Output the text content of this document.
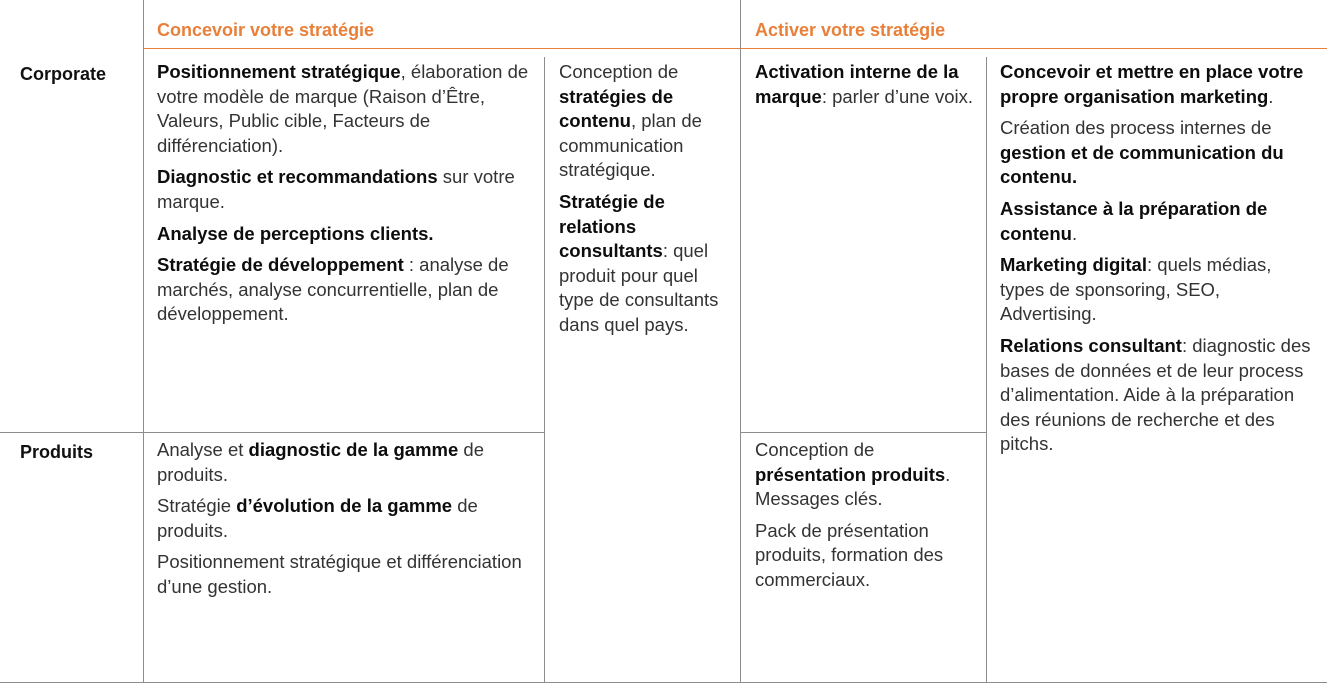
Concevoir votre stratégie	Activer votre stratégie
Corporate
Produits

Positionnement stratégique, élaboration de votre modèle de marque (Raison d’Être, Valeurs, Public cible, Facteurs de différenciation).

Diagnostic et recommandations sur votre marque.

Analyse de perceptions clients.

Stratégie de développement : analyse de marchés, analyse concurrentielle, plan de développement.

Conception de stratégies de contenu, plan de communication stratégique.

Stratégie de relations consultants: quel produit pour quel type de consultants dans quel pays.

Activation interne de la marque: parler d’une voix.

Concevoir et mettre en place votre propre organisation marketing.

Création des process internes de gestion et de communication du contenu.

Assistance à la préparation de contenu.

Marketing digital: quels médias, types de sponsoring, SEO, Advertising.

Relations consultant: diagnostic des bases de données et de leur process d’alimentation. Aide à la préparation des réunions de recherche et des pitchs.

Analyse et diagnostic de la gamme de produits.

Stratégie d’évolution de la gamme de produits.

Positionnement stratégique et différenciation d’une gestion.

Conception de présentation produits. Messages clés.

Pack de présentation produits, formation des commerciaux.
